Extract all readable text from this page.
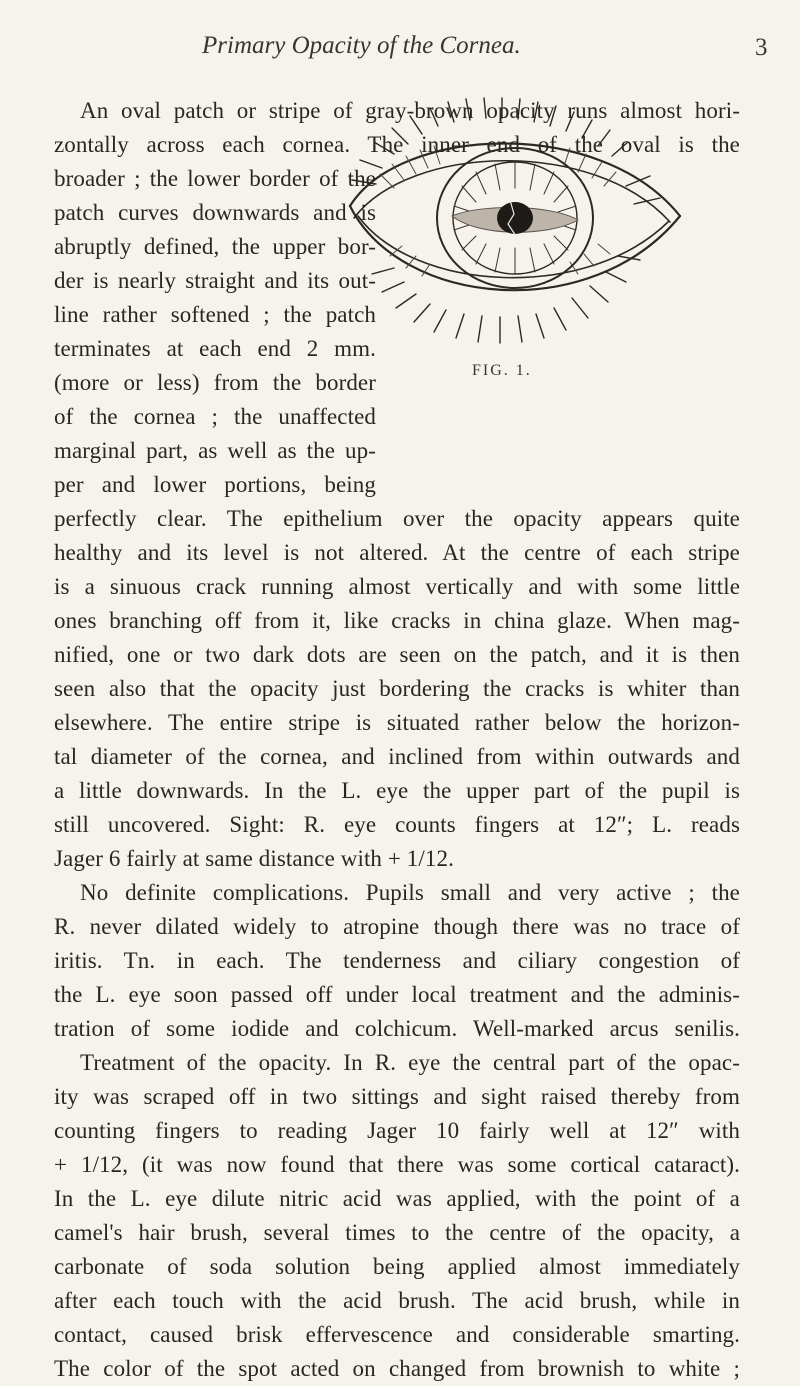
Primary Opacity of the Cornea.	3
FIG. 1.
An oval patch or stripe of gray-brown opacity runs almost hori-
zontally across each cornea. The inner end of the oval is the
broader ; the lower border of the
patch curves downwards and is
abruptly defined, the upper bor-
der is nearly straight and its out-
line rather softened ; the patch
terminates at each end 2 mm.
(more or less) from the border
of the cornea ; the unaffected
marginal part, as well as the up-
per and lower portions, being
perfectly clear. The epithelium over the opacity appears quite
healthy and its level is not altered. At the centre of each stripe
is a sinuous crack running almost vertically and with some little
ones branching off from it, like cracks in china glaze. When mag-
nified, one or two dark dots are seen on the patch, and it is then
seen also that the opacity just bordering the cracks is whiter than
elsewhere. The entire stripe is situated rather below the horizon-
tal diameter of the cornea, and inclined from within outwards and
a little downwards. In the L. eye the upper part of the pupil is
still uncovered. Sight: R. eye counts fingers at 12″; L. reads
Jager 6 fairly at same distance with + 1/12.
No definite complications. Pupils small and very active ; the
R. never dilated widely to atropine though there was no trace of
iritis. Tn. in each. The tenderness and ciliary congestion of
the L. eye soon passed off under local treatment and the adminis-
tration of some iodide and colchicum. Well-marked arcus senilis.
Treatment of the opacity. In R. eye the central part of the opac-
ity was scraped off in two sittings and sight raised thereby from
counting fingers to reading Jager 10 fairly well at 12″ with
+ 1/12, (it was now found that there was some cortical cataract).
In the L. eye dilute nitric acid was applied, with the point of a
camel's hair brush, several times to the centre of the opacity, a
carbonate of soda solution being applied almost immediately
after each touch with the acid brush. The acid brush, while in
contact, caused brisk effervescence and considerable smarting.
The color of the spot acted on changed from brownish to white ;
